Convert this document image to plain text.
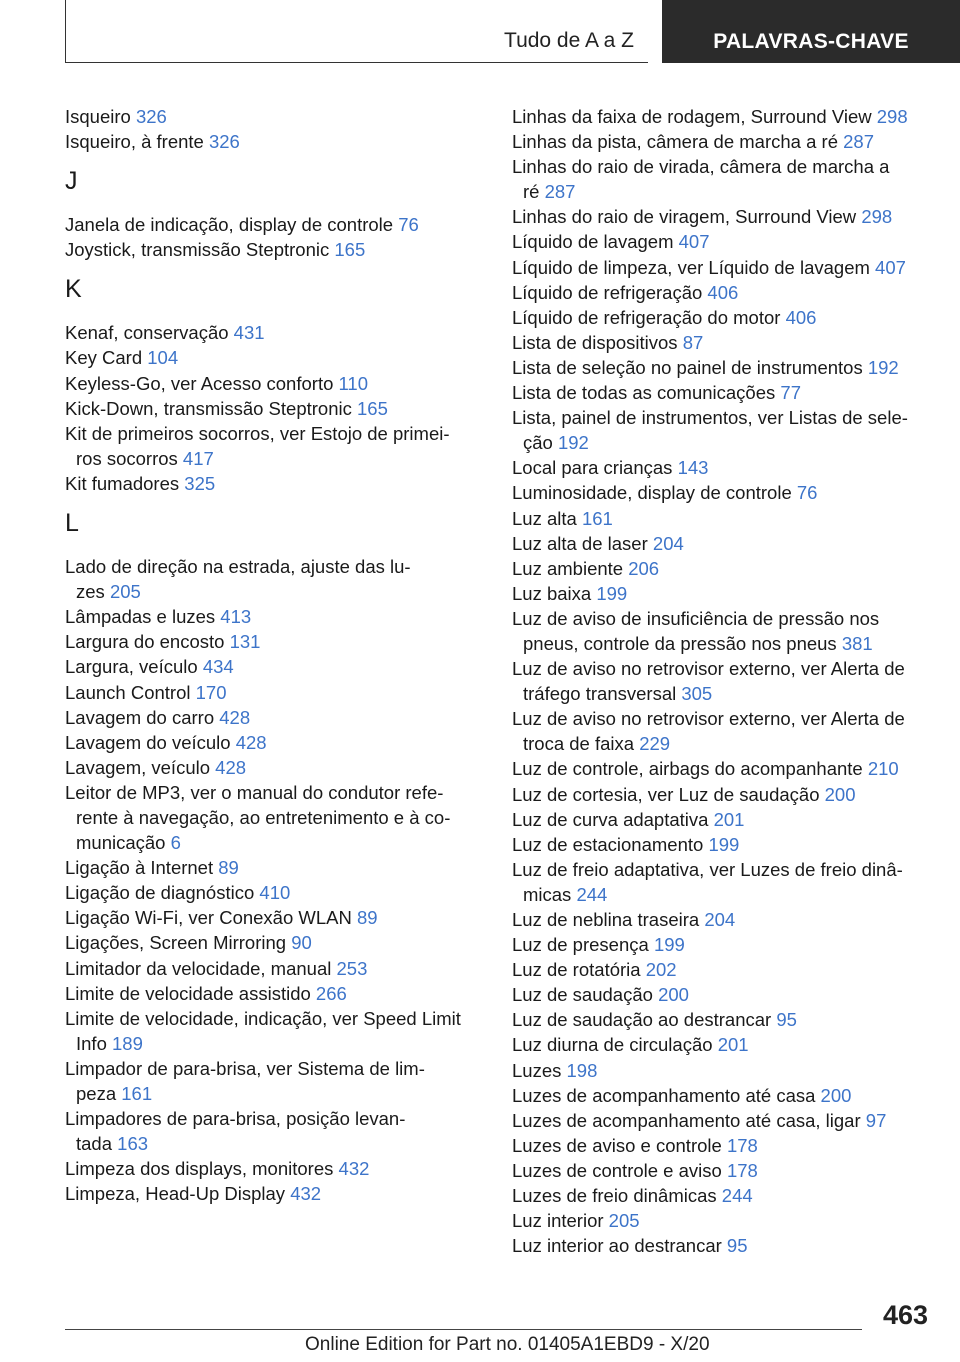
Tudo de A a Z	PALAVRAS-CHAVE
Isqueiro 326
Isqueiro, à frente 326
J
Janela de indicação, display de controle 76
Joystick, transmissão Steptronic 165
K
Kenaf, conservação 431
Key Card 104
Keyless-Go, ver Acesso conforto 110
Kick-Down, transmissão Steptronic 165
Kit de primeiros socorros, ver Estojo de primei-
ros socorros 417
Kit fumadores 325
L
Lado de direção na estrada, ajuste das lu-
zes 205
Lâmpadas e luzes 413
Largura do encosto 131
Largura, veículo 434
Launch Control 170
Lavagem do carro 428
Lavagem do veículo 428
Lavagem, veículo 428
Leitor de MP3, ver o manual do condutor refe-
rente à navegação, ao entretenimento e à co-
municação 6
Ligação à Internet 89
Ligação de diagnóstico 410
Ligação Wi-Fi, ver Conexão WLAN 89
Ligações, Screen Mirroring 90
Limitador da velocidade, manual 253
Limite de velocidade assistido 266
Limite de velocidade, indicação, ver Speed Limit
Info 189
Limpador de para-brisa, ver Sistema de lim-
peza 161
Limpadores de para-brisa, posição levan-
tada 163
Limpeza dos displays, monitores 432
Limpeza, Head-Up Display 432
Linhas da faixa de rodagem, Surround View 298
Linhas da pista, câmera de marcha a ré 287
Linhas do raio de virada, câmera de marcha a
ré 287
Linhas do raio de viragem, Surround View 298
Líquido de lavagem 407
Líquido de limpeza, ver Líquido de lavagem 407
Líquido de refrigeração 406
Líquido de refrigeração do motor 406
Lista de dispositivos 87
Lista de seleção no painel de instrumentos 192
Lista de todas as comunicações 77
Lista, painel de instrumentos, ver Listas de sele-
ção 192
Local para crianças 143
Luminosidade, display de controle 76
Luz alta 161
Luz alta de laser 204
Luz ambiente 206
Luz baixa 199
Luz de aviso de insuficiência de pressão nos
pneus, controle da pressão nos pneus 381
Luz de aviso no retrovisor externo, ver Alerta de
tráfego transversal 305
Luz de aviso no retrovisor externo, ver Alerta de
troca de faixa 229
Luz de controle, airbags do acompanhante 210
Luz de cortesia, ver Luz de saudação 200
Luz de curva adaptativa 201
Luz de estacionamento 199
Luz de freio adaptativa, ver Luzes de freio dinâ-
micas 244
Luz de neblina traseira 204
Luz de presença 199
Luz de rotatória 202
Luz de saudação 200
Luz de saudação ao destrancar 95
Luz diurna de circulação 201
Luzes 198
Luzes de acompanhamento até casa 200
Luzes de acompanhamento até casa, ligar 97
Luzes de aviso e controle 178
Luzes de controle e aviso 178
Luzes de freio dinâmicas 244
Luz interior 205
Luz interior ao destrancar 95
463
Online Edition for Part no. 01405A1EBD9 - X/20
